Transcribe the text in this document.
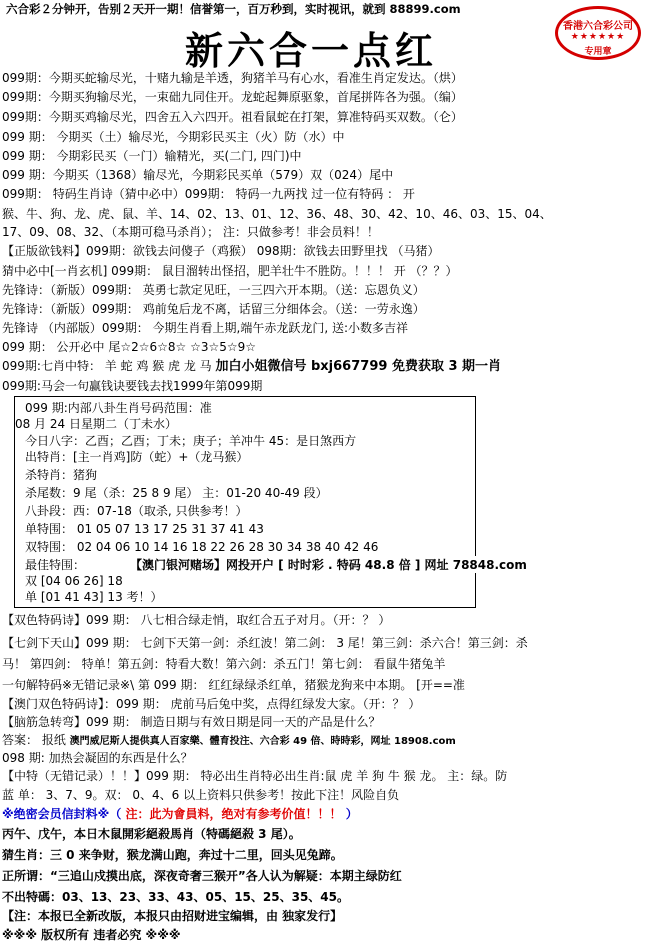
六合彩２分钟开，告别２天开一期！信誉第一，百万秒到，实时视讯，就到 88899.com
新六合一点红
香港六合彩公司
★★★★★★
专用章
099期：今期买蛇输尽光，十赌九输是羊透，狗猪羊马有心水，看准生肖定发达。（烘）
099期：今期买狗输尽光，一束础九同住开。龙蛇起舞原驱象，首尾拼阵各为强。（编）
099期：今期买鸡输尽光，四舍五入六四开。祖看鼠蛇在打架，算准特码买双数。（仑）
099 期： 今期买（土）输尽光，今期彩民买主（火）防（水）中
099 期： 今期彩民买（一门）输精光，买(二门, 四门)中
099 期：今期买（1368）输尽光，今期彩民买单（579）双（024）尾中
099期： 特码生肖诗（猜中必中）099期： 特码一九两找 过一位有特码 ： 开
猴、牛、狗、龙、虎、鼠、羊、14、02、13、01、12、36、48、30、42、10、46、03、15、04、
17、09、08、32、（本期可稳马杀肖）； 注：只做参考！非会员料！！
【正版欲钱料】099期：欲钱去问傻子（鸡猴） 098期：欲钱去田野里找 （马猪）
猜中必中[一肖玄机] 099期： 鼠目溜转出怪招，肥羊壮牛不胜防。！！！ 开 （？？）
先锋诗：（新版）099期： 英勇七款定见旺，一三四六开本期。（送：忘恩负义）
先锋诗：（新版）099期： 鸡前兔后龙不离，话留三分细体会。（送：一劳永逸）
先锋诗 （内部版）099期： 今期生肖看上期,端午赤龙跃龙门, 送:小数多吉祥
099 期： 公开必中 尾☆2☆6☆8☆ ☆3☆5☆9☆
099期:七肖中特： 羊 蛇 鸡 猴 虎 龙 马 加白小姐微信号 bxj667799 免费获取 3 期一肖
099期:马会一句赢钱诀要钱去找1999年第099期
099 期:内部八卦生肖号码范围：准
08 月 24 日星期二（丁未水）
今日八字：乙酉；乙酉；丁未；庚子；羊冲牛 45：是日煞西方
出特肖：[主一肖鸡]防（蛇）+（龙马猴）
杀特肖：猪狗
杀尾数：9 尾（杀：25 8 9 尾） 主：01-20 40-49 段）
八卦段：西：07-18（取杀, 只供参考！）
单特围： 01 05 07 13 17 25 31 37 41 43
双特围： 02 04 06 10 14 16 18 22 26 28 30 34 38 40 42 46
最佳特围：
双 [04 06 26] 18
单 [01 41 43] 13 考！）
【澳门银河赌场】网投开户 [ 时时彩 . 特码 48.8 倍 ] 网址 78848.com
【双色特码诗】099 期： 八七相合绿走悄，取红合五子对月。（开：？ ）
【七剑下天山】099 期： 七剑下天第一剑：杀红波！第二剑： 3 尾！第三剑：杀六合！第三剑：杀
马！ 第四剑： 特单！第五剑：特看大数！第六剑：杀五门！第七剑： 看鼠牛猪兔羊
一句解特码※无错记录※\ 第 099 期： 红红绿绿杀红单，猪猴龙狗来中本期。 [开==准
【澳门双色特码诗】：099 期： 虎前马后兔中奖，点得红绿发大家。（开：？ ）
【脑筋急转弯】099 期： 制造日期与有效日期是同一天的产品是什么？
答案： 报纸 澳門威尼斯人提供真人百家樂、體育投注、六合彩 49 倍、時時彩，网址 18908.com
098 期: 加热会凝固的东西是什么？
【中特（无错记录）！！】099 期： 特必出生肖特必出生肖:鼠 虎 羊 狗 牛 猴 龙。 主：绿。防
蓝 单： 3、7、9。双： 0、4、6 以上资料只供参考！按此下注！风险自负
※绝密会员信封料※（ 注：此为會員料，绝对有参考价值！！！ ）
丙午、戊午，本日木鼠開彩絕殺馬肖（特碼絕殺 3 尾）。
猜生肖：三 0 来争财，猴龙满山跑，奔过十二里，回头见兔蹄。
正所谓：“三追山戍摸出底，深夜奇奢三猴开”各人认为解疑：本期主绿防红
不出特碼：03、13、23、33、43、05、15、25、35、45。
【注：本报已全新改版，本报只由招财进宝编辑，由 独家发行】
※※※ 版权所有 违者必究 ※※※
